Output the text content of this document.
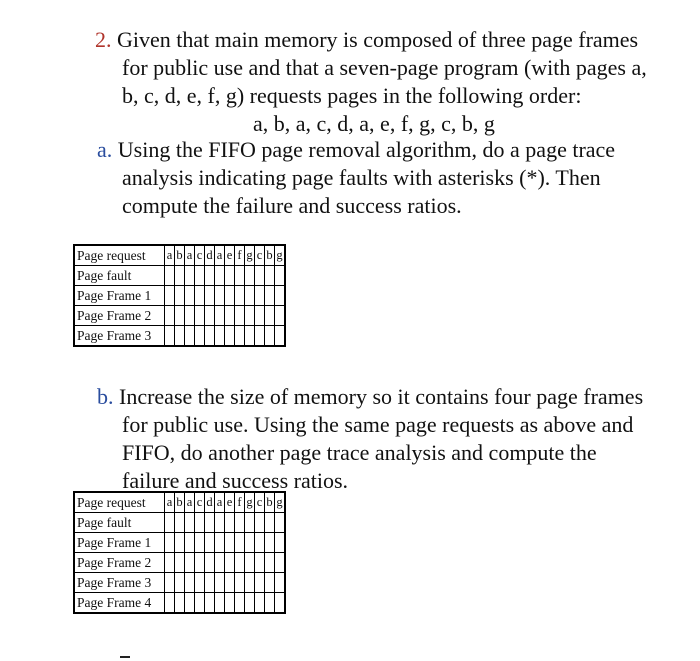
2. Given that main memory is composed of three page frames
for public use and that a seven-page program (with pages a,
b, c, d, e, f, g) requests pages in the following order:
a, b, a, c, d, a, e, f, g, c, b, g
a. Using the FIFO page removal algorithm, do a page trace
analysis indicating page faults with asterisks (*). Then
compute the failure and success ratios.
Page request	a	b	a	c	d	a	e	f	g	c	b	g
Page fault												
Page Frame 1												
Page Frame 2												
Page Frame 3												
b. Increase the size of memory so it contains four page frames
for public use. Using the same page requests as above and
FIFO, do another page trace analysis and compute the
failure and success ratios.
Page request	a	b	a	c	d	a	e	f	g	c	b	g
Page fault												
Page Frame 1												
Page Frame 2												
Page Frame 3												
Page Frame 4												
